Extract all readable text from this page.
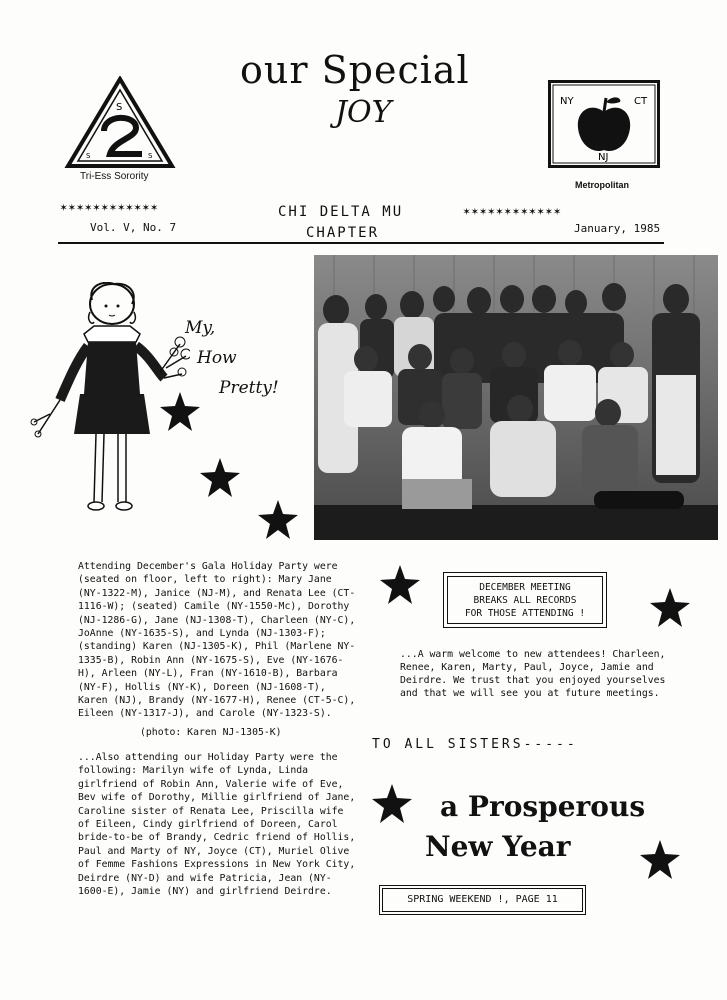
our Special
JOY
S
S	S
Tri-Ess Sorority
NY	CT
NJ
Metropolitan
✶✶✶✶✶✶✶✶✶✶✶✶	✶✶✶✶✶✶✶✶✶✶✶✶
Vol. V, No. 7
CHI DELTA MU
CHAPTER	January, 1985
My,
How
Pretty!
Attending December's Gala Holiday Party were (seated on floor, left to right): Mary Jane (NY-1322-M), Janice (NJ-M), and Renata Lee (CT-1116-W); (seated) Camile (NY-1550-Mc), Dorothy (NJ-1286-G), Jane (NJ-1308-T), Charleen (NY-C), JoAnne (NY-1635-S), and Lynda (NJ-1303-F); (standing) Karen (NJ-1305-K), Phil (Marlene NY-1335-B), Robin Ann (NY-1675-S), Eve (NY-1676-H), Arleen (NY-L), Fran (NY-1610-B), Barbara (NY-F), Hollis (NY-K), Doreen (NJ-1608-T), Karen (NJ), Brandy (NY-1677-H), Renee (CT-5-C), Eileen (NY-1317-J), and Carole (NY-1323-S).
(photo: Karen NJ-1305-K)
...Also attending our Holiday Party were the following: Marilyn wife of Lynda, Linda girlfriend of Robin Ann, Valerie wife of Eve, Bev wife of Dorothy, Millie girlfriend of Jane, Caroline sister of Renata Lee, Priscilla wife of Eileen, Cindy girlfriend of Doreen, Carol bride-to-be of Brandy, Cedric friend of Hollis, Paul and Marty of NY, Joyce (CT), Muriel Olive of Femme Fashions Expressions in New York City, Deirdre (NY-D) and wife Patricia, Jean (NY-1600-E), Jamie (NY) and girlfriend Deirdre.
DECEMBER MEETING
BREAKS ALL RECORDS
FOR THOSE ATTENDING !
...A warm welcome to new attendees! Charleen, Renee, Karen, Marty, Paul, Joyce, Jamie and Deirdre. We trust that you enjoyed yourselves and that we will see you at future meetings.
TO ALL SISTERS-----
a Prosperous
New Year
SPRING WEEKEND !, PAGE 11
